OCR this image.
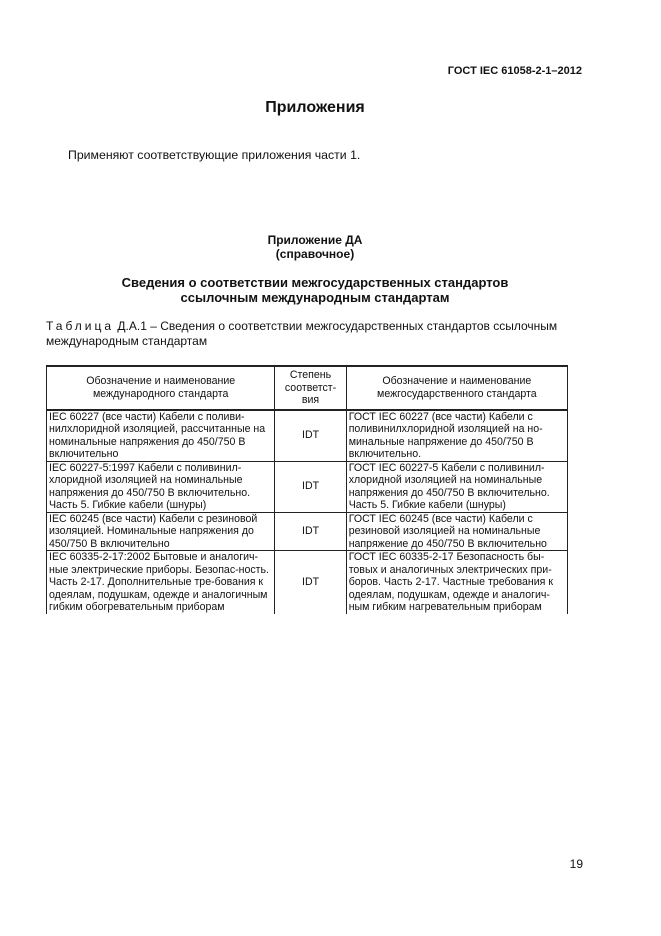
ГОСТ IEC 61058-2-1–2012
Приложения
Применяют соответствующие приложения части 1.
Приложение ДА
(справочное)
Сведения о соответствии межгосударственных стандартов
ссылочным международным стандартам
Таблица Д.А.1 – Сведения о соответствии межгосударственных стандартов ссылочным международным стандартам
Обозначение и наименование международного стандарта	Степень соответст-вия	Обозначение и наименование межгосударственного стандарта
IEC 60227 (все части) Кабели с поливи-нилхлоридной изоляцией, рассчитанные на номинальные напряжения до 450/750 В включительно	IDT	ГОСТ IEC 60227 (все части) Кабели с поливинилхлоридной изоляцией на но-минальные напряжение до 450/750 В включительно.
IEC 60227-5:1997 Кабели с поливинил-хлоридной изоляцией на номинальные напряжения до 450/750 В включительно. Часть 5. Гибкие кабели (шнуры)	IDT	ГОСТ IEC 60227-5 Кабели с поливинил-хлоридной изоляцией на номинальные напряжения до 450/750 В включительно. Часть 5. Гибкие кабели (шнуры)
IEC 60245 (все части) Кабели с резиновой изоляцией. Номинальные напряжения до 450/750 В включительно	IDT	ГОСТ IEC 60245 (все части) Кабели с резиновой изоляцией на номинальные напряжение до 450/750 В включительно
IEC 60335-2-17:2002 Бытовые и аналогич-ные электрические приборы. Безопас-ность. Часть 2-17. Дополнительные тре-бования к одеялам, подушкам, одежде и аналогичным гибким обогревательным приборам	IDT	ГОСТ IEC 60335-2-17 Безопасность бы-товых и аналогичных электрических при-боров. Часть 2-17. Частные требования к одеялам, подушкам, одежде и аналогич-ным гибким нагревательным приборам
19
